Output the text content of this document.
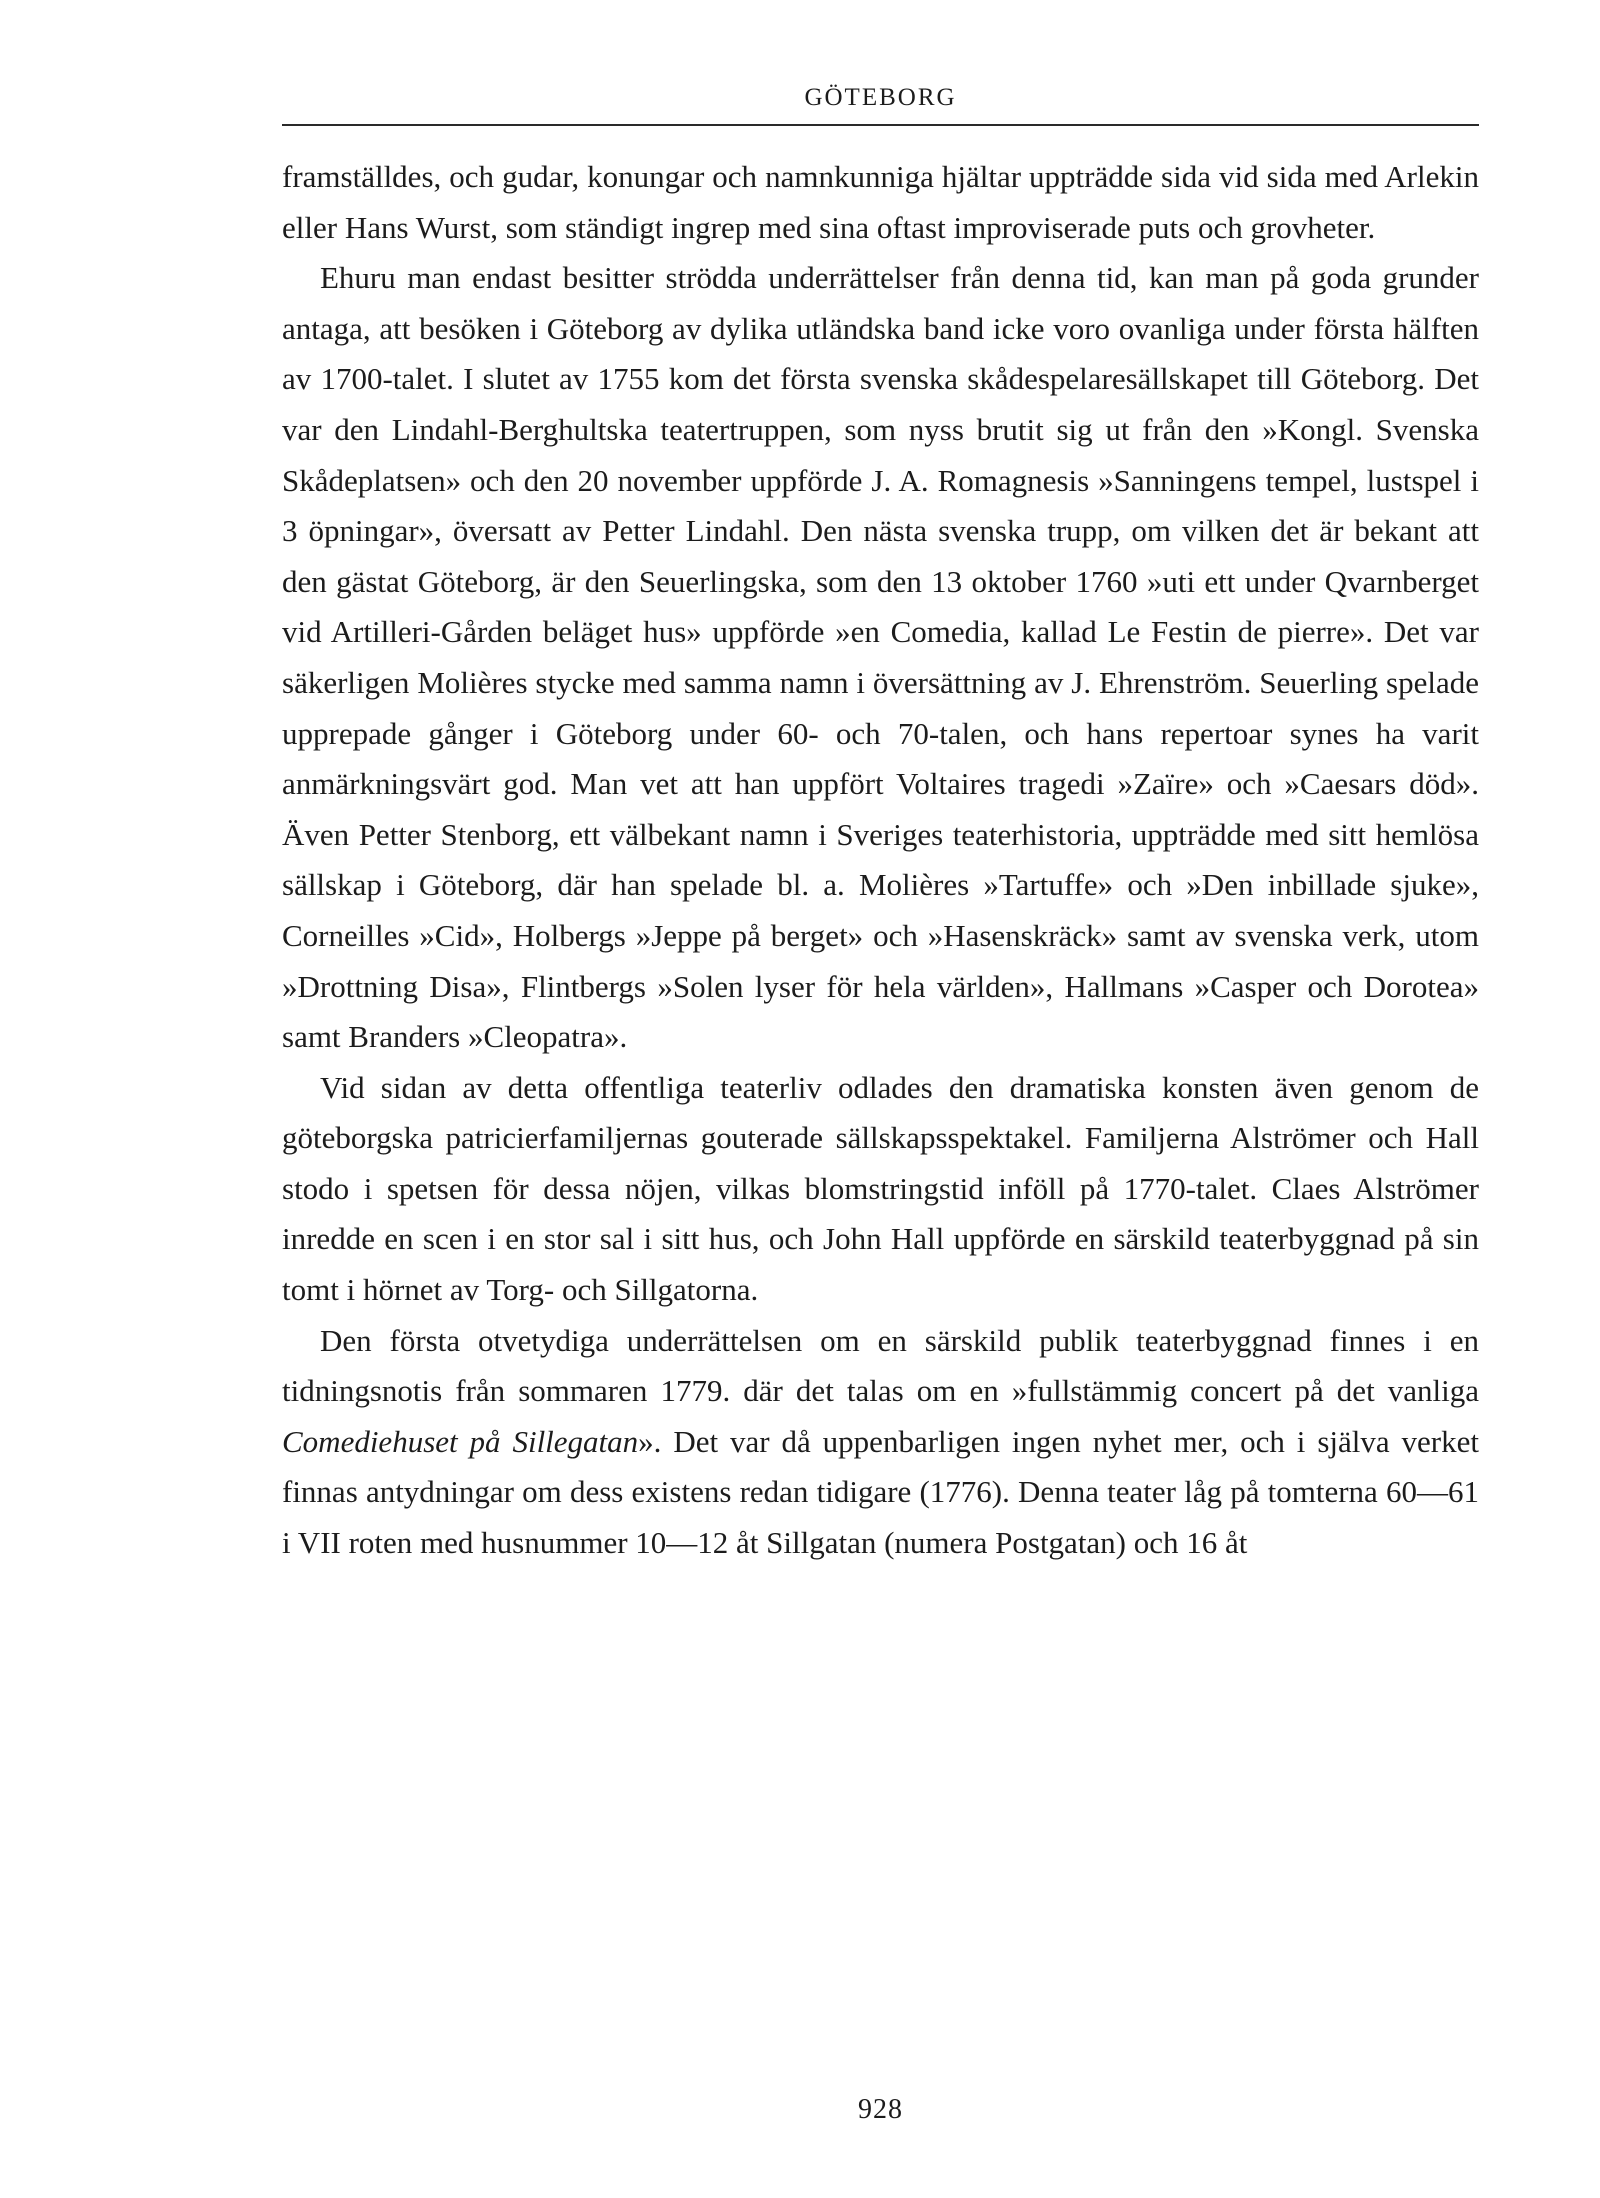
GÖTEBORG

framställdes, och gudar, konungar och namnkunniga hjältar uppträdde sida vid sida med Arlekin eller Hans Wurst, som ständigt ingrep med sina oftast improviserade puts och grovheter.

Ehuru man endast besitter strödda underrättelser från denna tid, kan man på goda grunder antaga, att besöken i Göteborg av dylika utländska band icke voro ovanliga under första hälften av 1700-talet. I slutet av 1755 kom det första svenska skådespelaresällskapet till Göteborg. Det var den Lindahl-Berghultska teatertruppen, som nyss brutit sig ut från den »Kongl. Svenska Skådeplatsen» och den 20 november uppförde J. A. Romagnesis »Sanningens tempel, lustspel i 3 öpningar», översatt av Petter Lindahl. Den nästa svenska trupp, om vilken det är bekant att den gästat Göteborg, är den Seuerlingska, som den 13 oktober 1760 »uti ett under Qvarnberget vid Artilleri-Gården beläget hus» uppförde »en Comedia, kallad Le Festin de pierre». Det var säkerligen Molières stycke med samma namn i översättning av J. Ehrenström. Seuerling spelade upprepade gånger i Göteborg under 60- och 70-talen, och hans repertoar synes ha varit anmärkningsvärt god. Man vet att han uppfört Voltaires tragedi »Zaïre» och »Caesars död». Även Petter Stenborg, ett välbekant namn i Sveriges teaterhistoria, uppträdde med sitt hemlösa sällskap i Göteborg, där han spelade bl. a. Molières »Tartuffe» och »Den inbillade sjuke», Corneilles »Cid», Holbergs »Jeppe på berget» och »Hasenskräck» samt av svenska verk, utom »Drottning Disa», Flintbergs »Solen lyser för hela världen», Hallmans »Casper och Dorotea» samt Branders »Cleopatra».

Vid sidan av detta offentliga teaterliv odlades den dramatiska konsten även genom de göteborgska patricierfamiljernas gouterade sällskapsspektakel. Familjerna Alströmer och Hall stodo i spetsen för dessa nöjen, vilkas blomstringstid inföll på 1770-talet. Claes Alströmer inredde en scen i en stor sal i sitt hus, och John Hall uppförde en särskild teaterbyggnad på sin tomt i hörnet av Torg- och Sillgatorna.

Den första otvetydiga underrättelsen om en särskild publik teaterbyggnad finnes i en tidningsnotis från sommaren 1779. där det talas om en »fullstämmig concert på det vanliga Comediehuset på Sillegatan». Det var då uppenbarligen ingen nyhet mer, och i själva verket finnas antydningar om dess existens redan tidigare (1776). Denna teater låg på tomterna 60—61 i VII roten med husnummer 10—12 åt Sillgatan (numera Postgatan) och 16 åt

928
